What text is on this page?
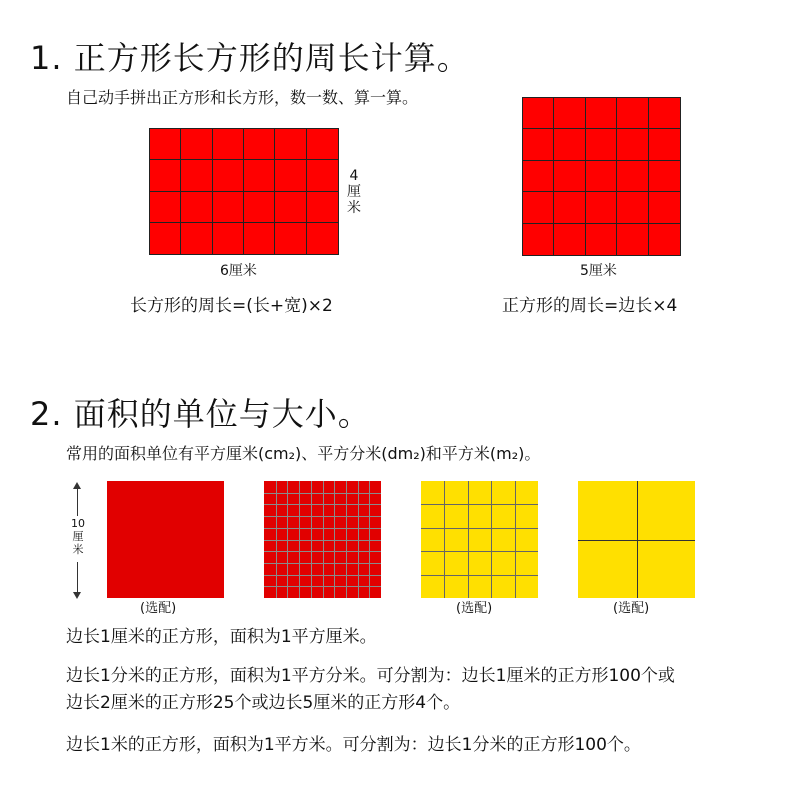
1. 正方形长方形的周长计算。
自己动手拼出正方形和长方形，数一数、算一算。
4
厘
米
6厘米	5厘米
长方形的周长=(长+宽)×2	正方形的周长=边长×4
2. 面积的单位与大小。
常用的面积单位有平方厘米(cm₂)、平方分米(dm₂)和平方米(m₂)。
10
厘
米
(选配)	(选配)	(选配)
边长1厘米的正方形，面积为1平方厘米。
边长1分米的正方形，面积为1平方分米。可分割为：边长1厘米的正方形100个或
边长2厘米的正方形25个或边长5厘米的正方形4个。
边长1米的正方形，面积为1平方米。可分割为：边长1分米的正方形100个。
